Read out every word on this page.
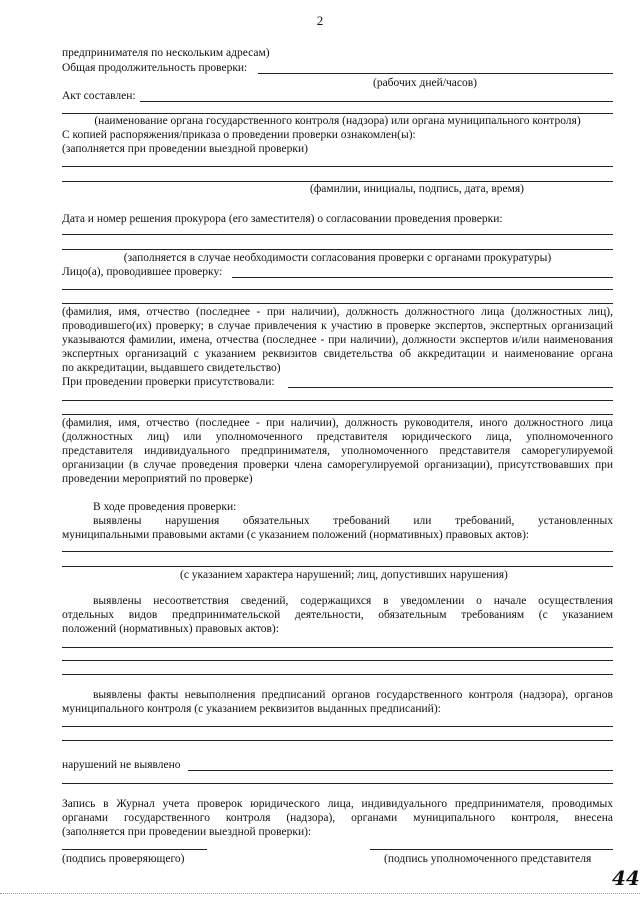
2
предпринимателя по нескольким адресам)
Общая продолжительность проверки:
(рабочих дней/часов)
Акт составлен:
(наименование органа государственного контроля (надзора) или органа муниципального контроля)
С копией распоряжения/приказа о проведении проверки ознакомлен(ы):
(заполняется при проведении выездной проверки)
(фамилии, инициалы, подпись, дата, время)
Дата и номер решения прокурора (его заместителя) о согласовании проведения проверки:
(заполняется в случае необходимости согласования проверки с органами прокуратуры)
Лицо(а), проводившее проверку:
(фамилия, имя, отчество (последнее - при наличии), должность должностного лица (должностных лиц),
проводившего(их) проверку; в случае привлечения к участию в проверке экспертов, экспертных организаций
указываются фамилии, имена, отчества (последнее - при наличии), должности экспертов и/или наименования
экспертных организаций с указанием реквизитов свидетельства об аккредитации и наименование органа
по аккредитации, выдавшего свидетельство)
При проведении проверки присутствовали:
(фамилия, имя, отчество (последнее - при наличии), должность руководителя, иного должностного лица
(должностных лиц) или уполномоченного представителя юридического лица, уполномоченного
представителя индивидуального предпринимателя, уполномоченного представителя саморегулируемой
организации (в случае проведения проверки члена саморегулируемой организации), присутствовавших при
проведении мероприятий по проверке)
В ходе проведения проверки:
выявлены нарушения обязательных требований или требований, установленных
муниципальными правовыми актами (с указанием положений (нормативных) правовых актов):
(с указанием характера нарушений; лиц, допустивших нарушения)
выявлены несоответствия сведений, содержащихся в уведомлении о начале осуществления
отдельных видов предпринимательской деятельности, обязательным требованиям (с указанием
положений (нормативных) правовых актов):
выявлены факты невыполнения предписаний органов государственного контроля (надзора), органов
муниципального контроля (с указанием реквизитов выданных предписаний):
нарушений не выявлено
Запись в Журнал учета проверок юридического лица, индивидуального предпринимателя, проводимых
органами государственного контроля (надзора), органами муниципального контроля, внесена
(заполняется при проведении выездной проверки):
(подпись проверяющего)	(подпись уполномоченного представителя
44
